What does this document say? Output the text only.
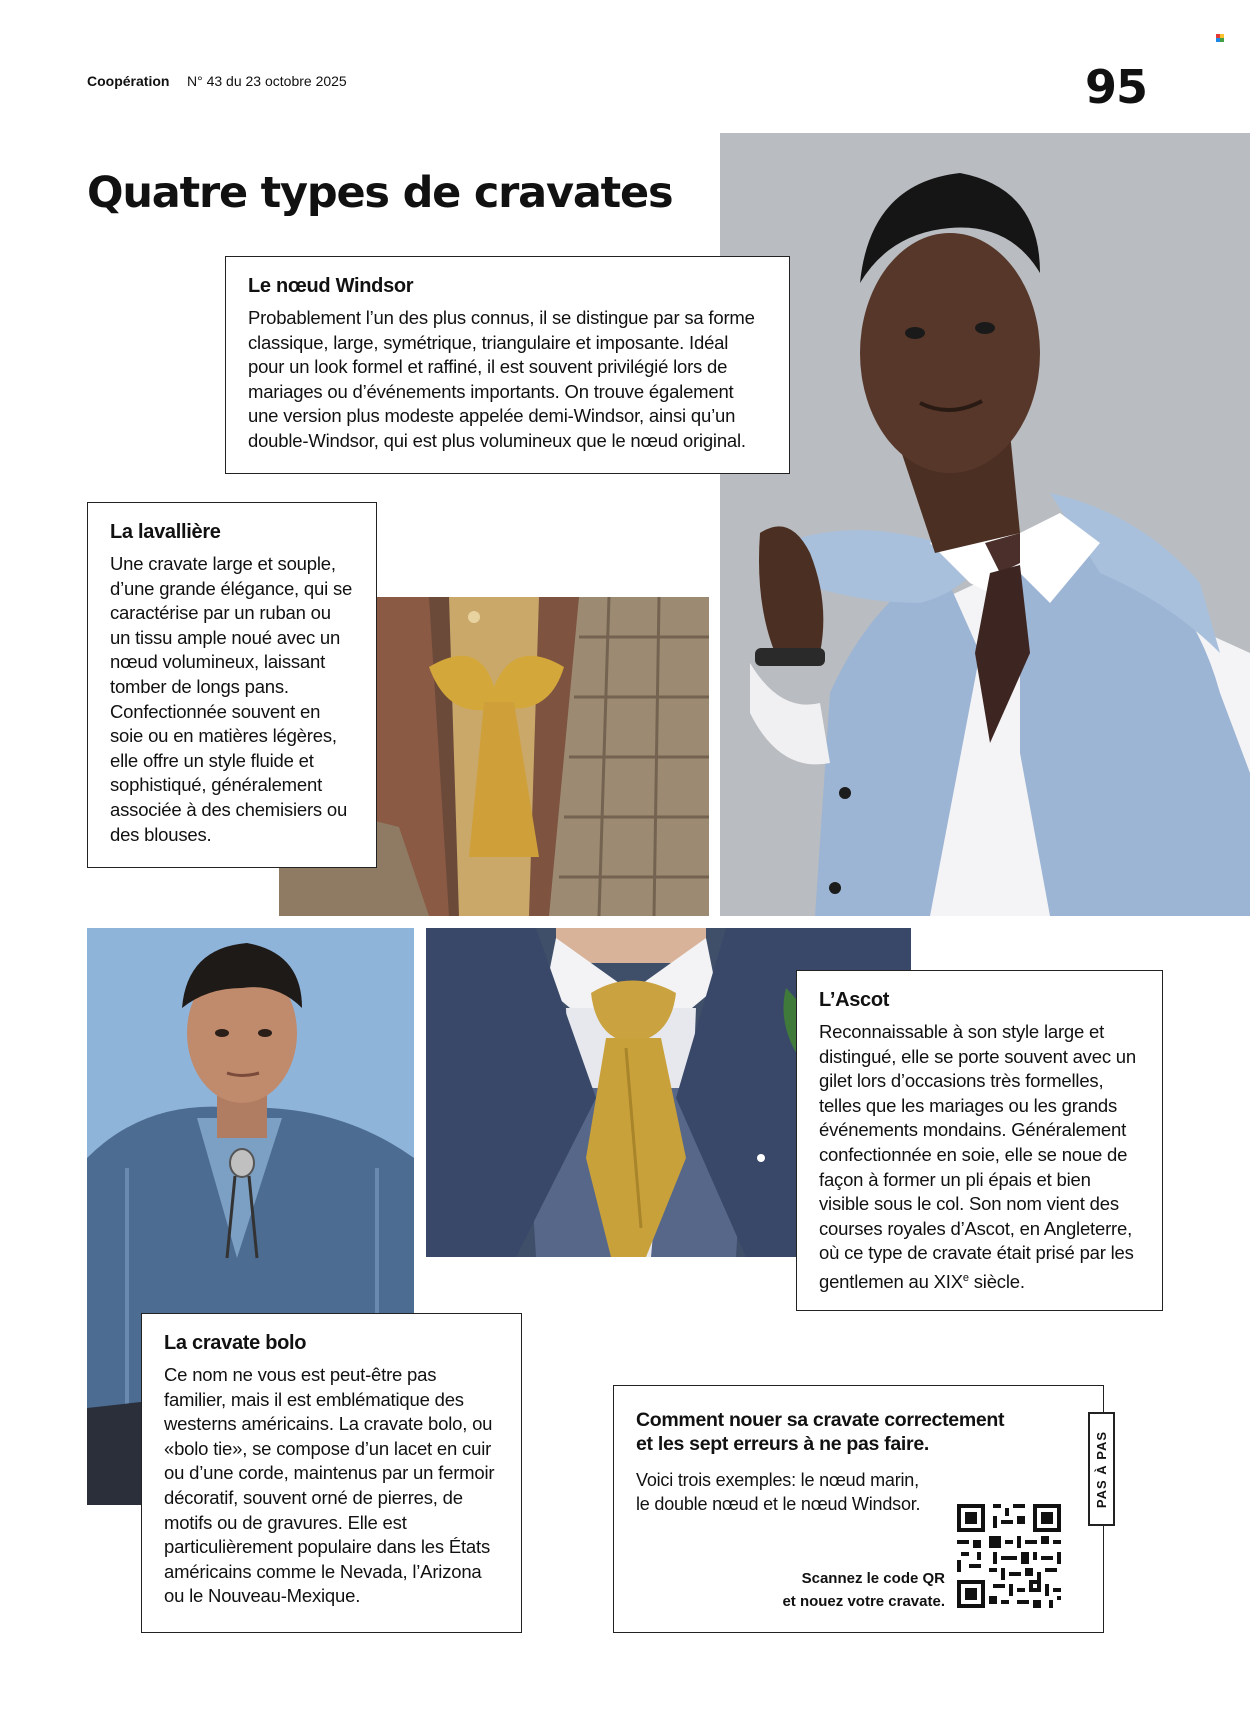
Coopération N° 43 du 23 octobre 2025	95
Quatre types de cravates
Le nœud Windsor

Probablement l’un des plus connus, il se distingue par sa forme classique, large, symétrique, triangulaire et imposante. Idéal pour un look formel et raffiné, il est souvent privilégié lors de mariages ou d’événements importants. On trouve également une version plus modeste appelée demi-Windsor, ainsi qu’un double-Windsor, qui est plus volumineux que le nœud original.

La lavallière

Une cravate large et souple, d’une grande élégance, qui se caractérise par un ruban ou un tissu ample noué avec un nœud volumineux, laissant tomber de longs pans. Confectionnée souvent en soie ou en matières légères, elle offre un style fluide et sophistiqué, généralement associée à des chemisiers ou des blouses.

L’Ascot

Reconnaissable à son style large et distingué, elle se porte souvent avec un gilet lors d’occasions très formelles, telles que les mariages ou les grands événements mondains. Généralement confectionnée en soie, elle se noue de façon à former un pli épais et bien visible sous le col. Son nom vient des courses royales d’Ascot, en Angleterre, où ce type de cravate était prisé par les gentlemen au XIXe siècle.

La cravate bolo

Ce nom ne vous est peut-être pas familier, mais il est emblématique des westerns américains. La cravate bolo, ou «bolo tie», se compose d’un lacet en cuir ou d’une corde, maintenus par un fermoir décoratif, souvent orné de pierres, de motifs ou de gravures. Elle est particulièrement populaire dans les États américains comme le Nevada, l’Arizona ou le Nouveau-Mexique.

Comment nouer sa cravate correctement
et les sept erreurs à ne pas faire.

Voici trois exemples: le nœud marin,
le double nœud et le nœud Windsor.

Scannez le code QR
et nouez votre cravate.
PAS À PAS
